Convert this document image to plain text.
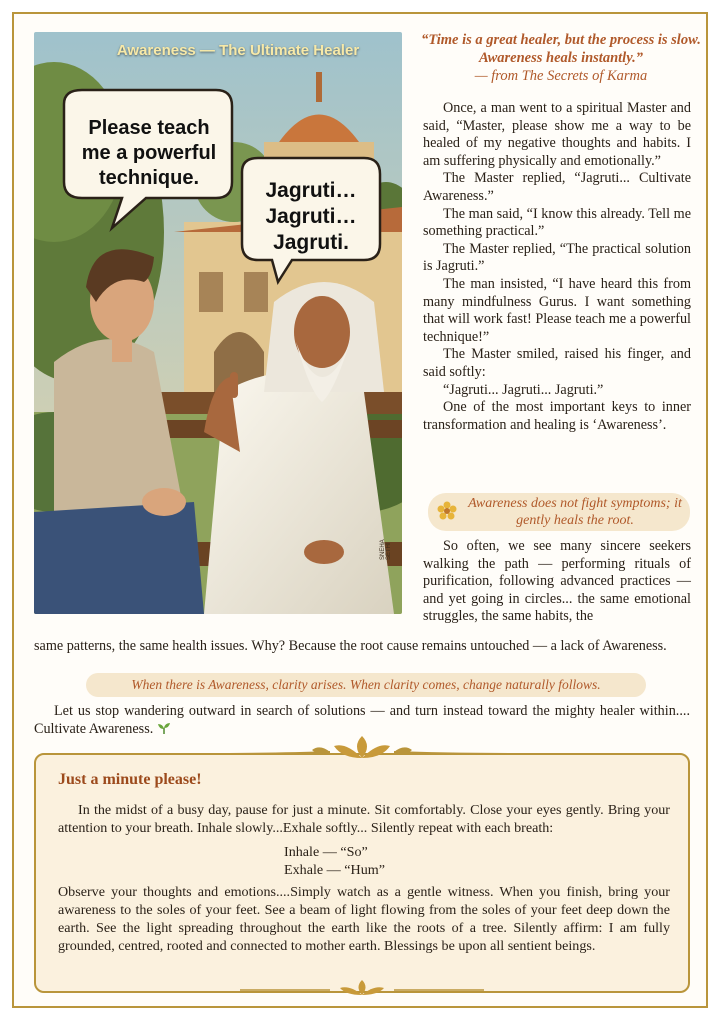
Awareness — The Ultimate Healer
Please teach
me a powerful
technique.
Jagruti…
Jagruti…
Jagruti.
SNEHA SETHI
“Time is a great healer, but the process is slow. Awareness heals instantly.”
— from The Secrets of Karma

Once, a man went to a spiritual Master and said, “Master, please show me a way to be healed of my negative thoughts and habits. I am suffering physically and emotionally.”

The Master replied, “Jagruti... Cultivate Awareness.”

The man said, “I know this already. Tell me something practical.”

The Master replied, “The practical solution is Jagruti.”

The man insisted, “I have heard this from many mindfulness Gurus. I want something that will work fast! Please teach me a powerful technique!”

The Master smiled, raised his finger, and said softly:

“Jagruti... Jagruti... Jagruti.”

One of the most important keys to inner transformation and healing is ‘Awareness’.

Awareness does not fight symptoms; it gently heals the root.

So often, we see many sincere seekers walking the path — performing rituals of purification, following advanced practices — and yet going in circles... the same emotional struggles, the same habits, the

same patterns, the same health issues. Why? Because the root cause remains untouched — a lack of Awareness.

When there is Awareness, clarity arises. When clarity comes, change naturally follows.

Let us stop wandering outward in search of solutions — and turn instead toward the mighty healer within.... Cultivate Awareness.

Just a minute please!

In the midst of a busy day, pause for just a minute. Sit comfortably. Close your eyes gently. Bring your attention to your breath. Inhale slowly...Exhale softly... Silently repeat with each breath:

Inhale — “So”
Exhale — “Hum”

Observe your thoughts and emotions....Simply watch as a gentle witness. When you finish, bring your awareness to the soles of your feet. See a beam of light flowing from the soles of your feet deep down the earth. See the light spreading throughout the earth like the roots of a tree. Silently affirm: I am fully grounded, centred, rooted and connected to mother earth. Blessings be upon all sentient beings.
